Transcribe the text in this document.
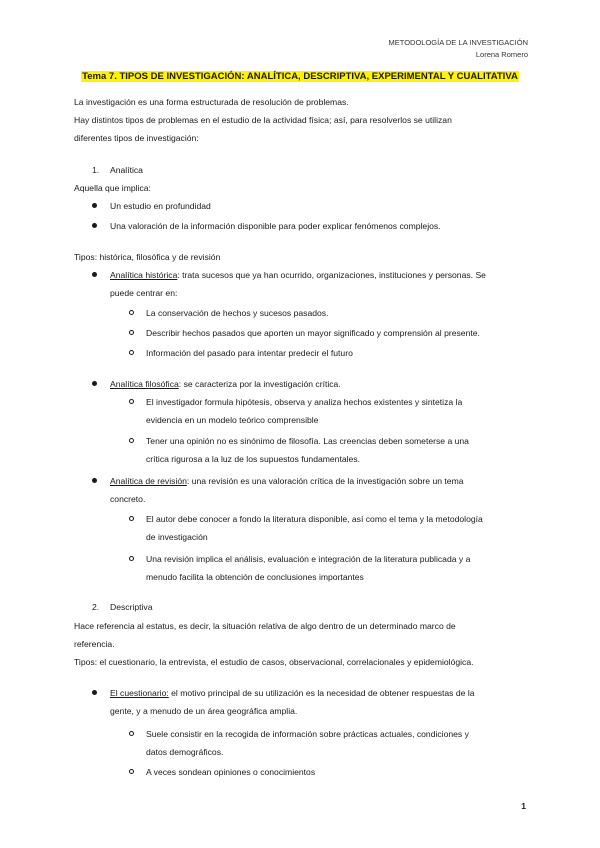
METODOLOGÍA DE LA INVESTIGACIÓN
Lorena Romero
Tema 7. TIPOS DE INVESTIGACIÓN: ANALÍTICA, DESCRIPTIVA, EXPERIMENTAL Y CUALITATIVA
La investigación es una forma estructurada de resolución de problemas.
Hay distintos tipos de problemas en el estudio de la actividad física; así, para resolverlos se utilizan
diferentes tipos de investigación:
1. Analítica
Aquella que implica:
Un estudio en profundidad
Una valoración de la información disponible para poder explicar fenómenos complejos.
Tipos: histórica, filosófica y de revisión
Analítica histórica: trata sucesos que ya han ocurrido, organizaciones, instituciones y personas. Se
puede centrar en:
La conservación de hechos y sucesos pasados.
Describir hechos pasados que aporten un mayor significado y comprensión al presente.
Información del pasado para intentar predecir el futuro
Analítica filosófica: se caracteriza por la investigación crítica.
El investigador formula hipótesis, observa y analiza hechos existentes y sintetiza la
evidencia en un modelo teórico comprensible
Tener una opinión no es sinónimo de filosofía. Las creencias deben someterse a una
crítica rigurosa a la luz de los supuestos fundamentales.
Analítica de revisión: una revisión es una valoración crítica de la investigación sobre un tema
concreto.
El autor debe conocer a fondo la literatura disponible, así como el tema y la metodología
de investigación
Una revisión implica el análisis, evaluación e integración de la literatura publicada y a
menudo facilita la obtención de conclusiones importantes
2. Descriptiva
Hace referencia al estatus, es decir, la situación relativa de algo dentro de un determinado marco de
referencia.
Tipos: el cuestionario, la entrevista, el estudio de casos, observacional, correlacionales y epidemiológica.
El cuestionario: el motivo principal de su utilización es la necesidad de obtener respuestas de la
gente, y a menudo de un área geográfica amplia.
Suele consistir en la recogida de información sobre prácticas actuales, condiciones y
datos demográficos.
A veces sondean opiniones o conocimientos
1
